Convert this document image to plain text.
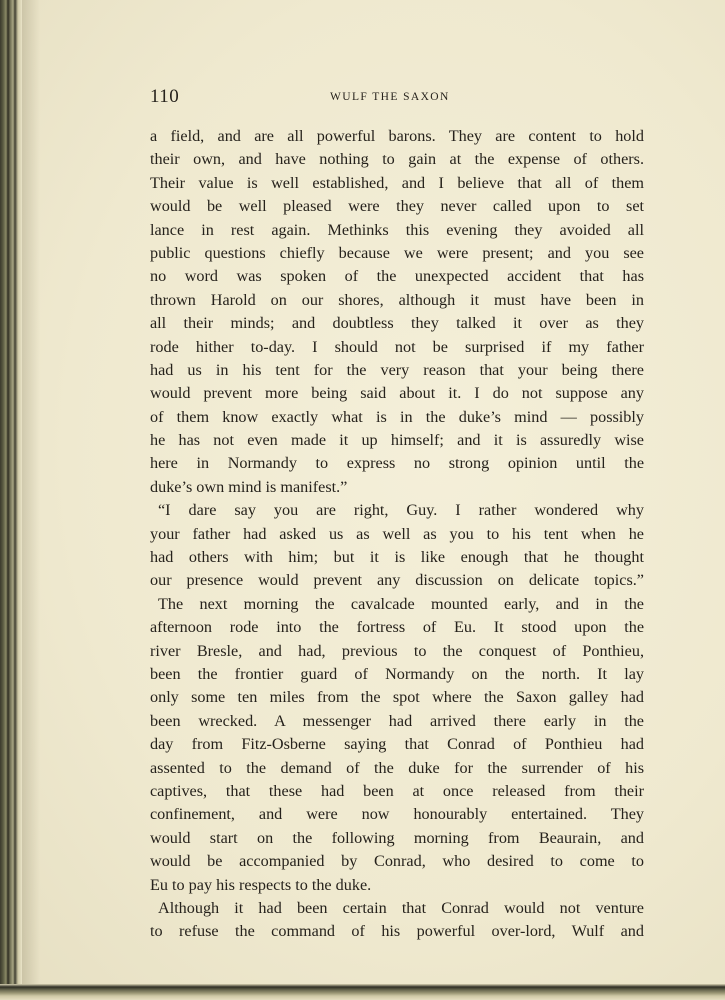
110	WULF THE SAXON
a field, and are all powerful barons. They are content to hold
their own, and have nothing to gain at the expense of others.
Their value is well established, and I believe that all of them
would be well pleased were they never called upon to set
lance in rest again. Methinks this evening they avoided all
public questions chiefly because we were present; and you see
no word was spoken of the unexpected accident that has
thrown Harold on our shores, although it must have been in
all their minds; and doubtless they talked it over as they
rode hither to-day. I should not be surprised if my father
had us in his tent for the very reason that your being there
would prevent more being said about it. I do not suppose any
of them know exactly what is in the duke’s mind — possibly
he has not even made it up himself; and it is assuredly wise
here in Normandy to express no strong opinion until the
duke’s own mind is manifest.”
“I dare say you are right, Guy. I rather wondered why
your father had asked us as well as you to his tent when he
had others with him; but it is like enough that he thought
our presence would prevent any discussion on delicate topics.”
The next morning the cavalcade mounted early, and in the
afternoon rode into the fortress of Eu. It stood upon the
river Bresle, and had, previous to the conquest of Ponthieu,
been the frontier guard of Normandy on the north. It lay
only some ten miles from the spot where the Saxon galley had
been wrecked. A messenger had arrived there early in the
day from Fitz-Osberne saying that Conrad of Ponthieu had
assented to the demand of the duke for the surrender of his
captives, that these had been at once released from their
confinement, and were now honourably entertained. They
would start on the following morning from Beaurain, and
would be accompanied by Conrad, who desired to come to
Eu to pay his respects to the duke.
Although it had been certain that Conrad would not venture
to refuse the command of his powerful over-lord, Wulf and
